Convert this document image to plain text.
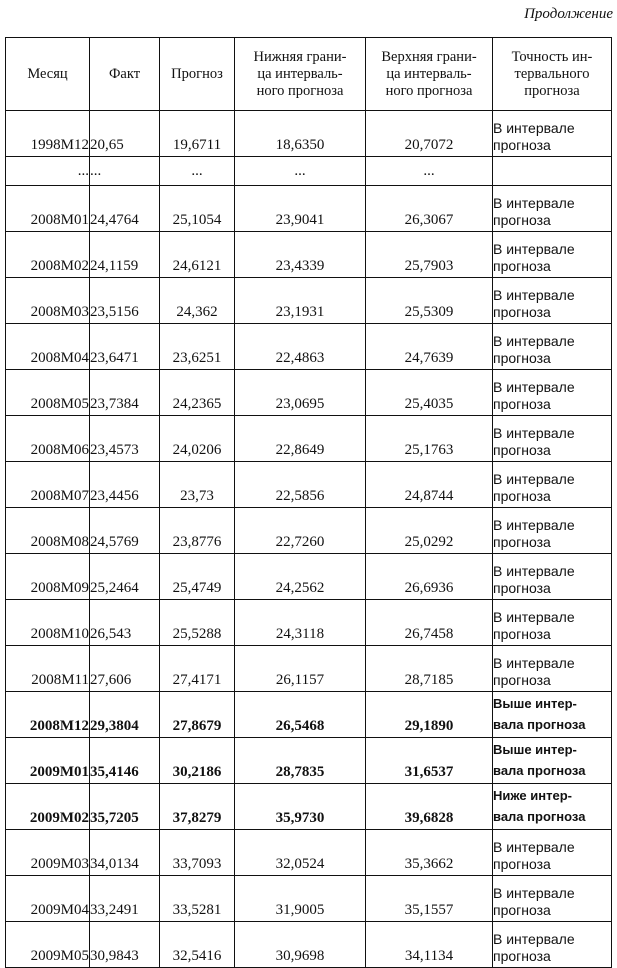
Продолжение
Месяц	Факт	Прогноз	Нижняя грани-
ца интерваль-
ного прогноза	Верхняя грани-
ца интерваль-
ного прогноза	Точность ин-
тервального
прогноза
1998M12	20,65	19,6711	18,6350	20,7072	В интервале
прогноза
...	...	...	...	...	
2008M01	24,4764	25,1054	23,9041	26,3067	В интервале
прогноза
2008M02	24,1159	24,6121	23,4339	25,7903	В интервале
прогноза
2008M03	23,5156	24,362	23,1931	25,5309	В интервале
прогноза
2008M04	23,6471	23,6251	22,4863	24,7639	В интервале
прогноза
2008M05	23,7384	24,2365	23,0695	25,4035	В интервале
прогноза
2008M06	23,4573	24,0206	22,8649	25,1763	В интервале
прогноза
2008M07	23,4456	23,73	22,5856	24,8744	В интервале
прогноза
2008M08	24,5769	23,8776	22,7260	25,0292	В интервале
прогноза
2008M09	25,2464	25,4749	24,2562	26,6936	В интервале
прогноза
2008M10	26,543	25,5288	24,3118	26,7458	В интервале
прогноза
2008M11	27,606	27,4171	26,1157	28,7185	В интервале
прогноза
2008M12	29,3804	27,8679	26,5468	29,1890	Выше интер-
вала прогноза
2009M01	35,4146	30,2186	28,7835	31,6537	Выше интер-
вала прогноза
2009M02	35,7205	37,8279	35,9730	39,6828	Ниже интер-
вала прогноза
2009M03	34,0134	33,7093	32,0524	35,3662	В интервале
прогноза
2009M04	33,2491	33,5281	31,9005	35,1557	В интервале
прогноза
2009M05	30,9843	32,5416	30,9698	34,1134	В интервале
прогноза
